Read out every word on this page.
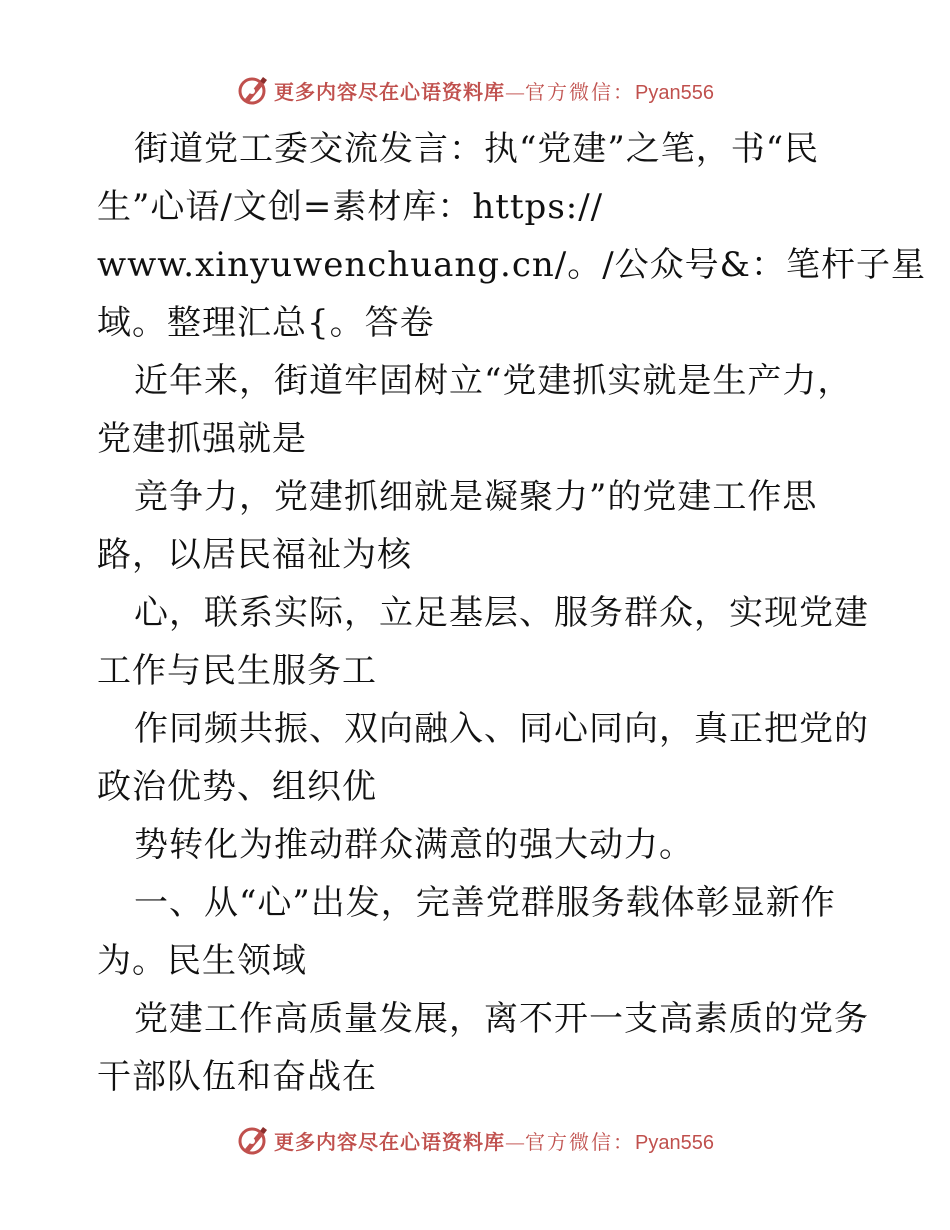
更多内容尽在心语资料库 — 官方微信： Pyan556
街道党工委交流发言：执“党建”之笔，书“民
生”心语/文创=素材库：https://
www.xinyuwenchuang.cn/。/公众号&：笔杆子星
域。整理汇总{。答卷
近年来，街道牢固树立“党建抓实就是生产力，
党建抓强就是
竞争力，党建抓细就是凝聚力”的党建工作思
路，以居民福祉为核
心，联系实际，立足基层、服务群众，实现党建
工作与民生服务工
作同频共振、双向融入、同心同向，真正把党的
政治优势、组织优
势转化为推动群众满意的强大动力。
一、从“心”出发，完善党群服务载体彰显新作
为。民生领域
党建工作高质量发展，离不开一支高素质的党务
干部队伍和奋战在
更多内容尽在心语资料库 — 官方微信： Pyan556
